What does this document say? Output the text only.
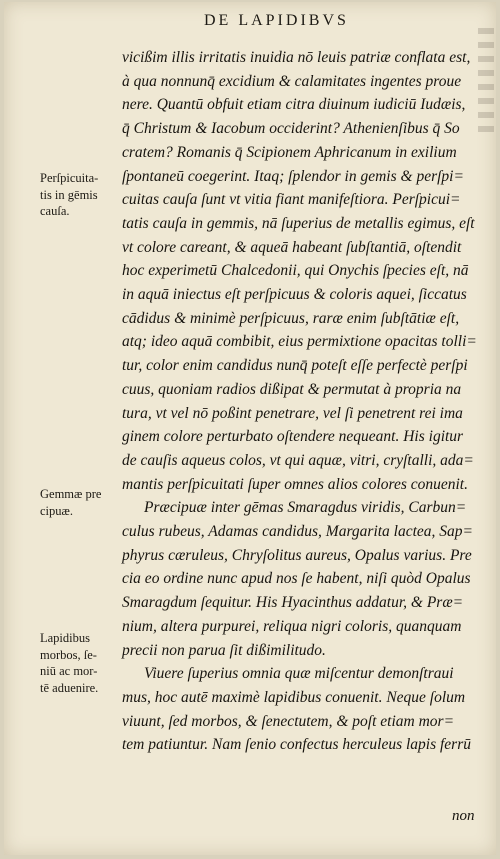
DE LAPIDIBVS
vicißim illis irritatis inuidia nō leuis patriæ conflata est,
à qua nonnunq̄ excidium & calamitates ingentes proue
nere. Quantū obfuit etiam citra diuinum iudiciū Iudæis,
q̄ Christum & Iacobum occiderint? Athenienſibus q̄ So
cratem? Romanis q̄ Scipionem Aphricanum in exilium
ſpontaneū coegerint. Itaq; ſplendor in gemis & perſpi=
cuitas cauſa ſunt vt vitia fiant manifeſtiora. Perſpicui=
tatis cauſa in gemmis, nā ſuperius de metallis egimus, eſt
vt colore careant, & aqueā habeant ſubſtantiā, oſtendit
hoc experimetū Chalcedonii, qui Onychis ſpecies eſt, nā
in aquā iniectus eſt perſpicuus & coloris aquei, ſiccatus
cādidus & minimè perſpicuus, raræ enim ſubſtātiæ eſt,
atq; ideo aquā combibit, eius permixtione opacitas tolli=
tur, color enim candidus nunq̄ poteſt eſſe perfectè perſpi
cuus, quoniam radios dißipat & permutat à propria na
tura, vt vel nō poßint penetrare, vel ſi penetrent rei ima
ginem colore perturbato oſtendere nequeant. His igitur
de cauſis aqueus colos, vt qui aquæ, vitri, cryſtalli, ada=
mantis perſpicuitati ſuper omnes alios colores conuenit.
Præcipuæ inter gēmas Smaragdus viridis, Carbun=
culus rubeus, Adamas candidus, Margarita lactea, Sap=
phyrus cæruleus, Chryſolitus aureus, Opalus varius. Pre
cia eo ordine nunc apud nos ſe habent, niſi quòd Opalus
Smaragdum ſequitur. His Hyacinthus addatur, & Præ=
nium, altera purpurei, reliqua nigri coloris, quanquam
precii non parua ſit dißimilitudo.
Viuere ſuperius omnia quæ miſcentur demonſtraui
mus, hoc autē maximè lapidibus conuenit. Neque ſolum
viuunt, ſed morbos, & ſenectutem, & poſt etiam mor=
tem patiuntur. Nam ſenio confectus herculeus lapis ferrū
Perſpicuita-
tis in gēmis
cauſa.
Gemmæ pre
cipuæ.
Lapidibus
morbos, ſe-
niū ac mor-
tē aduenire.
non
